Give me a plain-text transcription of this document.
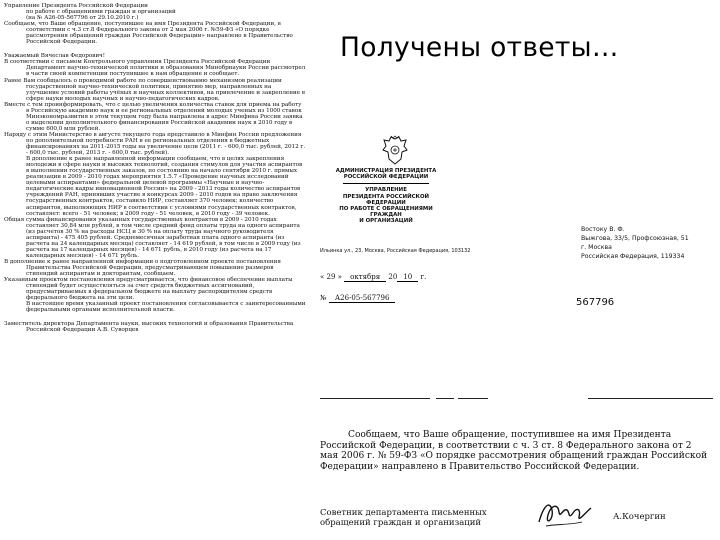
Управление Президента Российской Федерации

по работе с обращениями граждан и организаций

(на № А26-05-567796 от 29.10.2010 г.)

Сообщаем, что Ваше обращение, поступившее на имя Президента Российской Федерации, в соответствии с ч.3 ст.8 Федерального закона от 2 мая 2006 г. №59-ФЗ «О порядке рассмотрения обращений граждан Российской Федерации» направлено в Правительство Российской Федерации.

Уважаемый Вячеслав Федорович!

В соответствии с письмом Контрольного управления Президента Российской Федерации Департамент научно-технической политики и образования Минобрнауки России рассмотрел в части своей компетенции поступившее к нам обращение и сообщает.

Ранее Вам сообщалось о проводимой работе по совершенствованию механизмов реализации государственной научно-технической политики, принятию мер, направленных на улучшение условий работы учёных и научных коллективов, на привлечение и закрепление в сфере науки молодых научных и научно-педагогических кадров.

Вместе с тем проинформировать, что с целью увеличения количества ставок для приема на работу в Российскую академию наук и ее региональных отделений молодых ученых из 1000 ставок Минэкономразвития в этом текущем году была направлена в адрес Минфина России заявка о выделении дополнительного финансирования Российской академии наук в 2010 году в сумме 600,0 млн рублей.

Наряду с этим Министерство в августе текущего года представило в Минфин России предложения по дополнительной потребности РАН в ее региональных отделения в бюджетных финансированиях на 2011-2015 годы на увеличение цели (2011 г. - 600,0 тыс. рублей, 2012 г. - 600,0 тыс. рублей, 2013 г. - 600,0 тыс. рублей).

В дополнение к ранее направленной информации сообщаем, что в целях закрепления молодежи в сфере науки и высоких технологий, создания стимулов для участия аспирантов в выполнении государственных заказов, по состоянию на начало сентября 2010 г. прямых реализации в 2009 - 2010 годах мероприятия 1.5.7 «Проведение научных исследований целевыми аспирантами» федеральной целевой программы «Научные и научно-педагогические кадры инновационной России» на 2009 - 2013 годы количество аспирантов учреждений РАН, принявших участие в конкурсах 2009 - 2010 годов на право заключения государственных контрактов, составило НИР, составляет 370 человек; количество аспирантов, выполняющих НИР в соответствии с условиями государственных контрактов, составляет: всего - 51 человек; в 2009 году - 51 человек, в 2010 году - 39 человек.

Общая сумма финансирования указанных государственных контрактов в 2009 - 2010 годах составляет 30,84 млн рублей, в том числе средний фонд оплаты труда на одного аспиранта (из расчетов 30 % на расходы НСЦ и 30 % на оплату труда научного руководителя аспиранта) - 475 405 рублей. Среднемесячная заработная плата одного аспиранта (из расчета на 24 календарных месяца) составляет - 14 619 рублей, в том числе в 2009 году (из расчета на 17 календарных месяцев) - 14 671 рубль, в 2010 году (из расчета на 17 календарных месяцев) - 14 671 рубль.

В дополнение к ранее направленной информации о подготовленном проекте постановления Правительства Российской Федерации, предусматривающем повышение размеров стипендий аспирантам и докторантам, сообщаем.

Указанным проектом постановления предусматривается, что финансовое обеспечение выплаты стипендий будет осуществляться за счет средств бюджетных ассигнований, предусматриваемых в федеральном бюджете на выплату распорядителям средств федерального бюджета на эти цели.

В настоящее время указанный проект постановления согласовывается с заинтересованными федеральными органами исполнительной власти.

Заместитель директора Департамента науки, высоких технологий и образования Правительства Российской Федерации А.В. Суворцев

Получены ответы…
АДМИНИСТРАЦИЯ ПРЕЗИДЕНТА
РОССИЙСКОЙ ФЕДЕРАЦИИ
УПРАВЛЕНИЕ
ПРЕЗИДЕНТА РОССИЙСКОЙ ФЕДЕРАЦИИ
ПО РАБОТЕ С ОБРАЩЕНИЯМИ ГРАЖДАН
И ОРГАНИЗАЦИЙ
Востоку В. Ф.
Выжгова, 33/5, Профсоюзная, 51
г. Москва
Российская Федерация, 119334
Ильинка ул., 23, Москва, Российская Федерация, 103132
« 29 » октября 20 10 г.
№ А26-05-567796	567796

Сообщаем, что Ваше обращение, поступившее на имя Президента Российской Федерации, в соответствии с ч. 3 ст. 8 Федерального закона от 2 мая 2006 г. № 59-ФЗ «О порядке рассмотрения обращений граждан Российской Федерации» направлено в Правительство Российской Федерации.

Советник департамента письменных
обращений граждан и организаций
А.Кочергин
